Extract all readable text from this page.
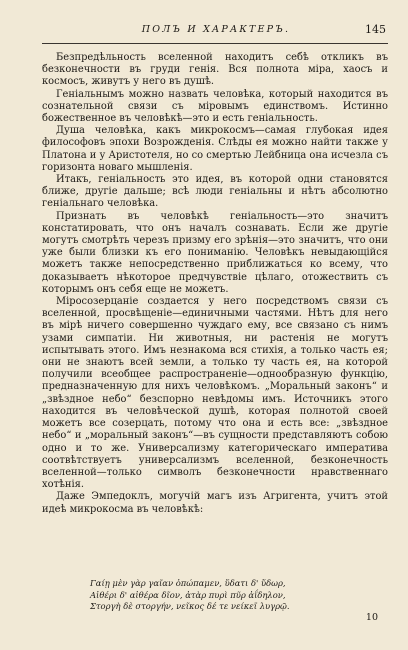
ПОЛЪ И ХАРАКТЕРЪ.	145

Безпредѣльность вселенной находитъ себѣ откликъ въ безконечности въ груди генія. Вся полнота міра, хаосъ и космосъ, живутъ у него въ душѣ.

Геніальнымъ можно назвать человѣка, который находится въ сознательной связи съ міровымъ единствомъ. Истинно божественное въ человѣкѣ—это и есть геніальность.

Душа человѣка, какъ микрокосмъ—самая глубокая идея философовъ эпохи Возрожденія. Слѣды ея можно найти также у Платона и у Аристотеля, но со смертью Лейбница она исчезла съ горизонта новаго мышленія.

Итакъ, геніальность это идея, въ которой одни становятся ближе, другіе дальше; всѣ люди геніальны и нѣтъ абсолютно геніальнаго человѣка.

Признать въ человѣкѣ геніальность—это значитъ констатировать, что онъ началъ сознавать. Если же другіе могутъ смотрѣть черезъ призму его зрѣнія—это значитъ, что они уже были близки къ его пониманію. Человѣкъ невыдающійся можетъ также непосредственно приближаться ко всему, что доказываетъ нѣкоторое предчувствіе цѣлаго, отожествить съ которымъ онъ себя еще не можетъ.

Міросозерцаніе создается у него посредствомъ связи съ вселенной, просвѣщеніе—единичными частями. Нѣтъ для него въ мірѣ ничего совершенно чуждаго ему, все связано съ нимъ узами симпатіи. Ни животныя, ни растенія не могутъ испытывать этого. Имъ незнакома вся стихія, а только часть ея; они не знаютъ всей земли, а только ту часть ея, на которой получили всеобщее распространеніе—однообразную функцію, предназначенную для нихъ человѣкомъ. „Моральный законъ“ и „звѣздное небо“ безспорно невѣдомы имъ. Источникъ этого находится въ человѣческой душѣ, которая полнотой своей можетъ все созерцать, потому что она и есть все: „звѣздное небо“ и „моральный законъ“—въ сущности представляютъ собою одно и то же. Универсализму категорическаго императива соотвѣтствуетъ универсализмъ вселенной, безконечность вселенной—только символъ безконечности нравственнаго хотѣнія.

Даже Эмпедоклъ, могучій магъ изъ Агригента, учитъ этой идеѣ микрокосма въ человѣкѣ:

Γαίῃ μὲν γὰρ γαῖαν ὀπώπαμεν, ὕδατι δ' ὕδωρ,
Αἰθέρι δ' αἰθέρα δῖον, ἀτὰρ πυρὶ πῦρ ἀΐδηλον,
Στοργὴ δὲ στοργήν, νεῖκος δέ τε νείκεϊ λυγρῷ.
10
